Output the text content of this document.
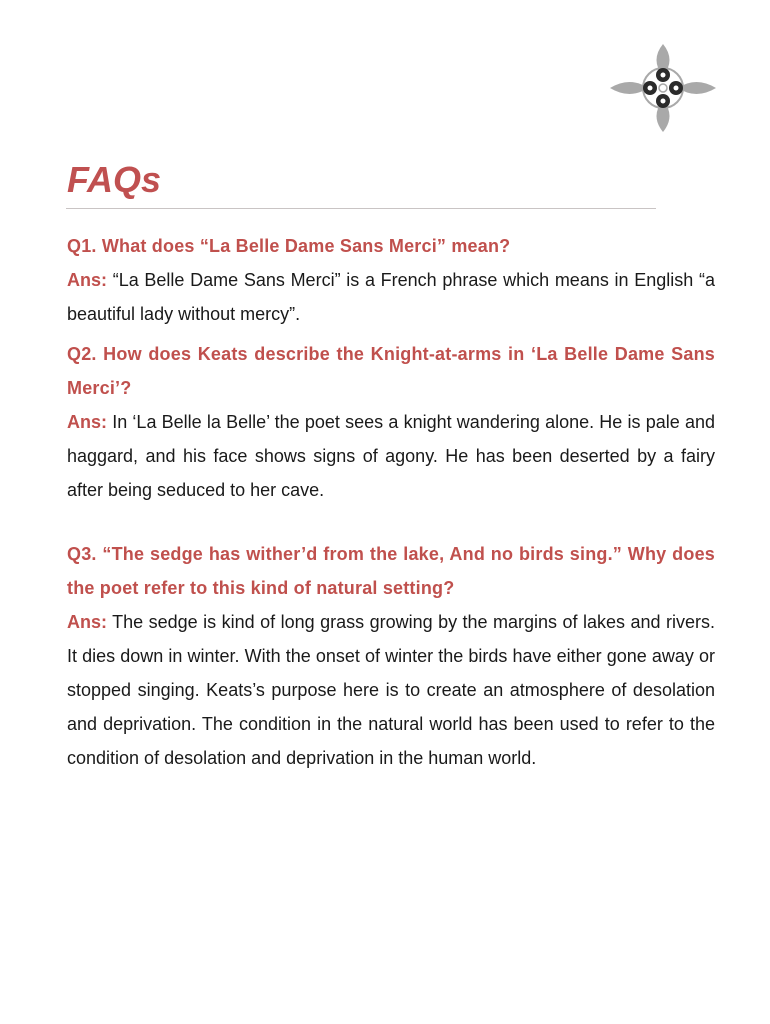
FAQs

Q1. What does “La Belle Dame Sans Merci” mean?

Ans: “La Belle Dame Sans Merci” is a French phrase which means in English “a beautiful lady without mercy”.

Q2. How does Keats describe the Knight-at-arms in ‘La Belle Dame Sans Merci’?

Ans: In ‘La Belle la Belle’ the poet sees a knight wandering alone. He is pale and haggard, and his face shows signs of agony. He has been deserted by a fairy after being seduced to her cave.

Q3. “The sedge has wither’d from the lake, And no birds sing.” Why does the poet refer to this kind of natural setting?

Ans: The sedge is kind of long grass growing by the margins of lakes and rivers. It dies down in winter. With the onset of winter the birds have either gone away or stopped singing. Keats’s purpose here is to create an atmosphere of desolation and deprivation. The condition in the natural world has been used to refer to the condition of desolation and deprivation in the human world.
